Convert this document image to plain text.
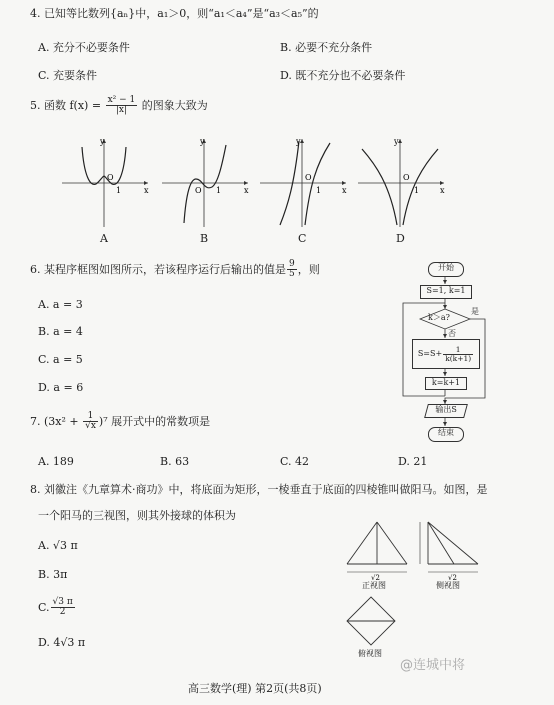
4. 已知等比数列{aₙ}中，a₁＞0，则“a₁＜a₄”是“a₃＜a₅”的
A. 充分不必要条件	B. 必要不充分条件
C. 充要条件	D. 既不充分也不必要条件
5. 函数 $f(x) = \frac{\text{x² − 1}}{|x|}$ 的图象大致为
y
x
O
1
y
x
O 1
y
x
O
1
y
x
O
1
A	B	C	D
6. 某程序框图如图所示，若该程序运行后输出的值是 $\frac{9}{5}$ ，则
A. a = 3
B. a = 4
C. a = 5
D. a = 6
开始
S=1, k=1
k＞a?
是
否
$S=S+ \frac{1}{k(k+1)}$
k=k+1
输出S
结束
7. $(3x^2 + \frac{1}{√x} )^7$ 展开式中的常数项是
A. 189	B. 63	C. 42	D. 21
8. 刘徽注《九章算术·商功》中，将底面为矩形，一棱垂直于底面的四棱锥叫做阳马。如图，是
一个阳马的三视图，则其外接球的体积为
A. √3 π
B. 3π
C. $\frac{√3 \pi}{2}$
D. 4√3 π
√2
正视图
√2
侧视图
俯视图
@连城中将
高三数学(理) 第2页(共8页)
